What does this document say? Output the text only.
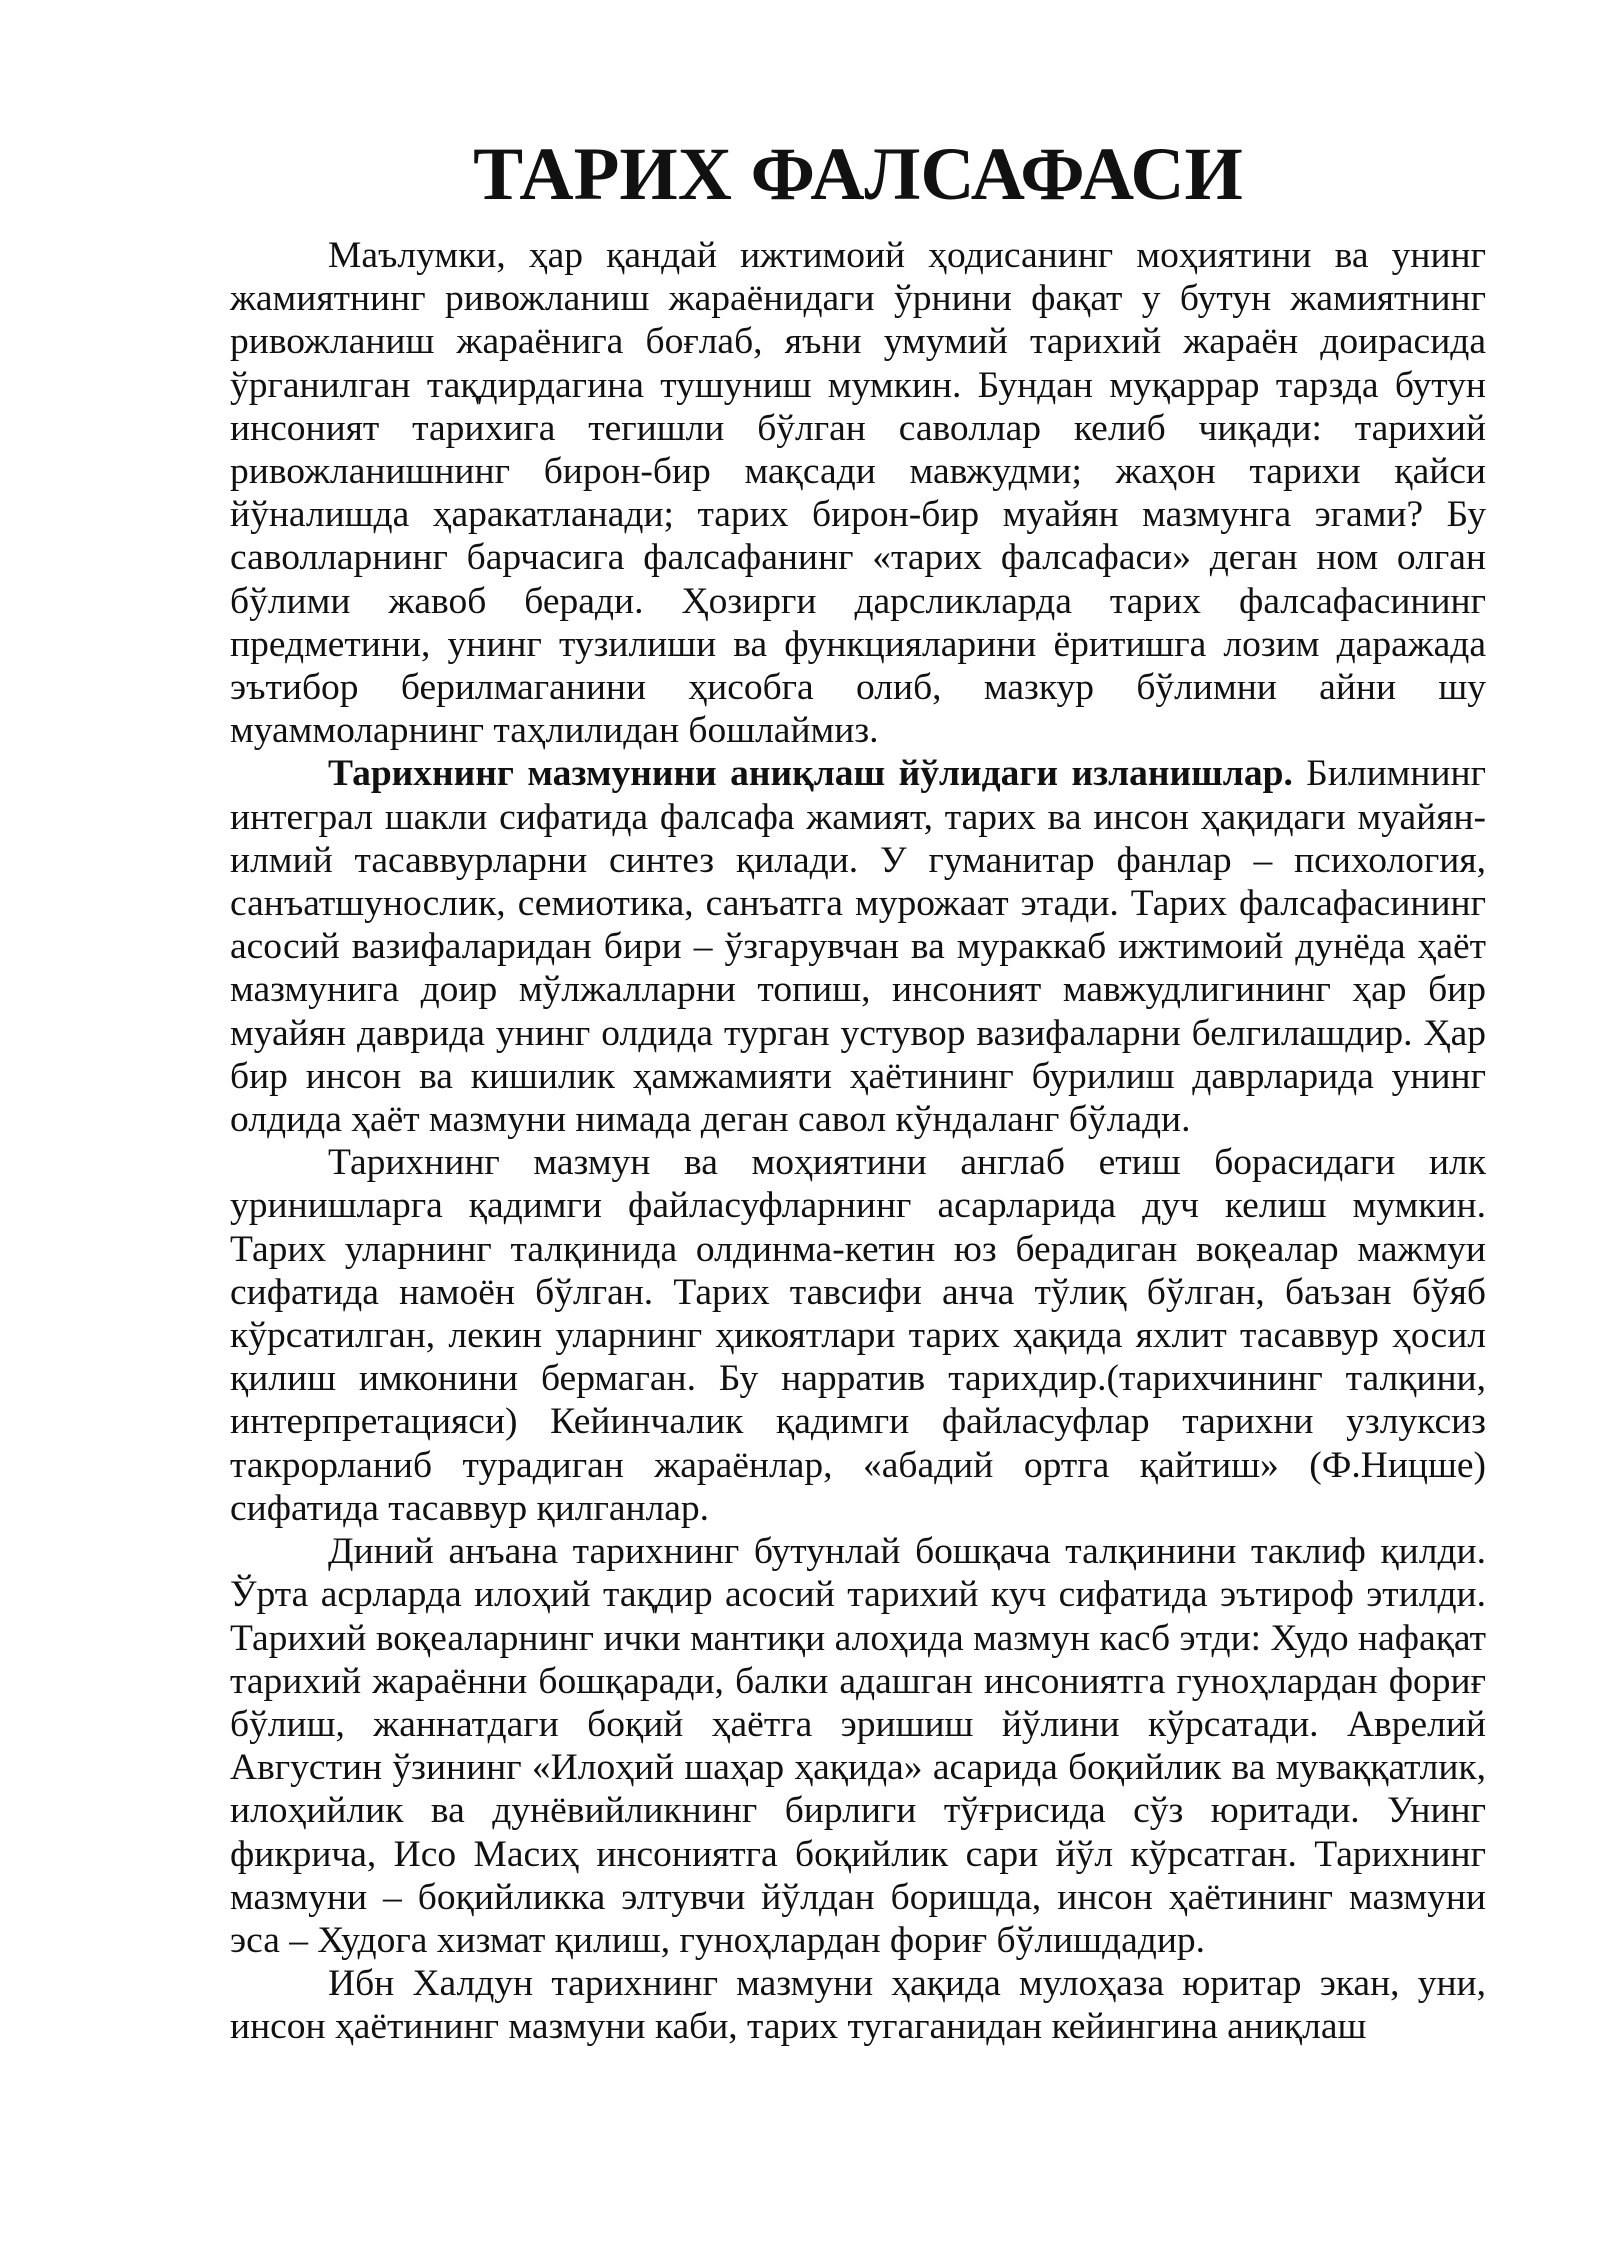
ТАРИХ ФАЛСАФАСИ

Маълумки, ҳар қандай ижтимоий ҳодисанинг моҳиятини ва унинг жамиятнинг ривожланиш жараёнидаги ўрнини фақат у бутун жамиятнинг ривожланиш жараёнига боғлаб, яъни умумий тарихий жараён доирасида ўрганилган тақдирдагина тушуниш мумкин. Бундан муқаррар тарзда бутун инсоният тарихига тегишли бўлган саволлар келиб чиқади: тарихий ривожланишнинг бирон-бир мақсади мавжудми; жаҳон тарихи қайси йўналишда ҳаракатланади; тарих бирон-бир муайян мазмунга эгами? Бу саволларнинг барчасига фалсафанинг «тарих фалсафаси» деган ном олган бўлими жавоб беради. Ҳозирги дарсликларда тарих фалсафасининг предметини, унинг тузилиши ва функцияларини ёритишга лозим даражада эътибор берилмаганини ҳисобга олиб, мазкур бўлимни айни шу муаммоларнинг таҳлилидан бошлаймиз.

Тарихнинг мазмунини аниқлаш йўлидаги изланишлар. Билимнинг интеграл шакли сифатида фалсафа жамият, тарих ва инсон ҳақидаги муайян-илмий тасаввурларни синтез қилади. У гуманитар фанлар – психология, санъатшунослик, семиотика, санъатга мурожаат этади. Тарих фалсафасининг асосий вазифаларидан бири – ўзгарувчан ва мураккаб ижтимоий дунёда ҳаёт мазмунига доир мўлжалларни топиш, инсоният мавжудлигининг ҳар бир муайян даврида унинг олдида турган устувор вазифаларни белгилашдир. Ҳар бир инсон ва кишилик ҳамжамияти ҳаётининг бурилиш даврларида унинг олдида ҳаёт мазмуни нимада деган савол кўндаланг бўлади.

Тарихнинг мазмун ва моҳиятини англаб етиш борасидаги илк уринишларга қадимги файласуфларнинг асарларида дуч келиш мумкин. Тарих уларнинг талқинида олдинма-кетин юз берадиган воқеалар мажмуи сифатида намоён бўлган. Тарих тавсифи анча тўлиқ бўлган, баъзан бўяб кўрсатилган, лекин уларнинг ҳикоятлари тарих ҳақида яхлит тасаввур ҳосил қилиш имконини бермаган. Бу нарратив тарихдир.(тарихчининг талқини, интерпретацияси) Кейинчалик қадимги файласуфлар тарихни узлуксиз такрорланиб турадиган жараёнлар, «абадий ортга қайтиш» (Ф.Ницше) сифатида тасаввур қилганлар.

Диний анъана тарихнинг бутунлай бошқача талқинини таклиф қилди. Ўрта асрларда илоҳий тақдир асосий тарихий куч сифатида эътироф этилди. Тарихий воқеаларнинг ички мантиқи алоҳида мазмун касб этди: Худо нафақат тарихий жараённи бошқаради, балки адашган инсониятга гуноҳлардан фориғ бўлиш, жаннатдаги боқий ҳаётга эришиш йўлини кўрсатади. Аврелий Августин ўзининг «Илоҳий шаҳар ҳақида» асарида боқийлик ва муваққатлик, илоҳийлик ва дунёвийликнинг бирлиги тўғрисида сўз юритади. Унинг фикрича, Исо Масиҳ инсониятга боқийлик сари йўл кўрсатган. Тарихнинг мазмуни – боқийликка элтувчи йўлдан боришда, инсон ҳаётининг мазмуни эса – Худога хизмат қилиш, гуноҳлардан фориғ бўлишдадир.

Ибн Халдун тарихнинг мазмуни ҳақида мулоҳаза юритар экан, уни, инсон ҳаётининг мазмуни каби, тарих тугаганидан кейингина аниқлаш
